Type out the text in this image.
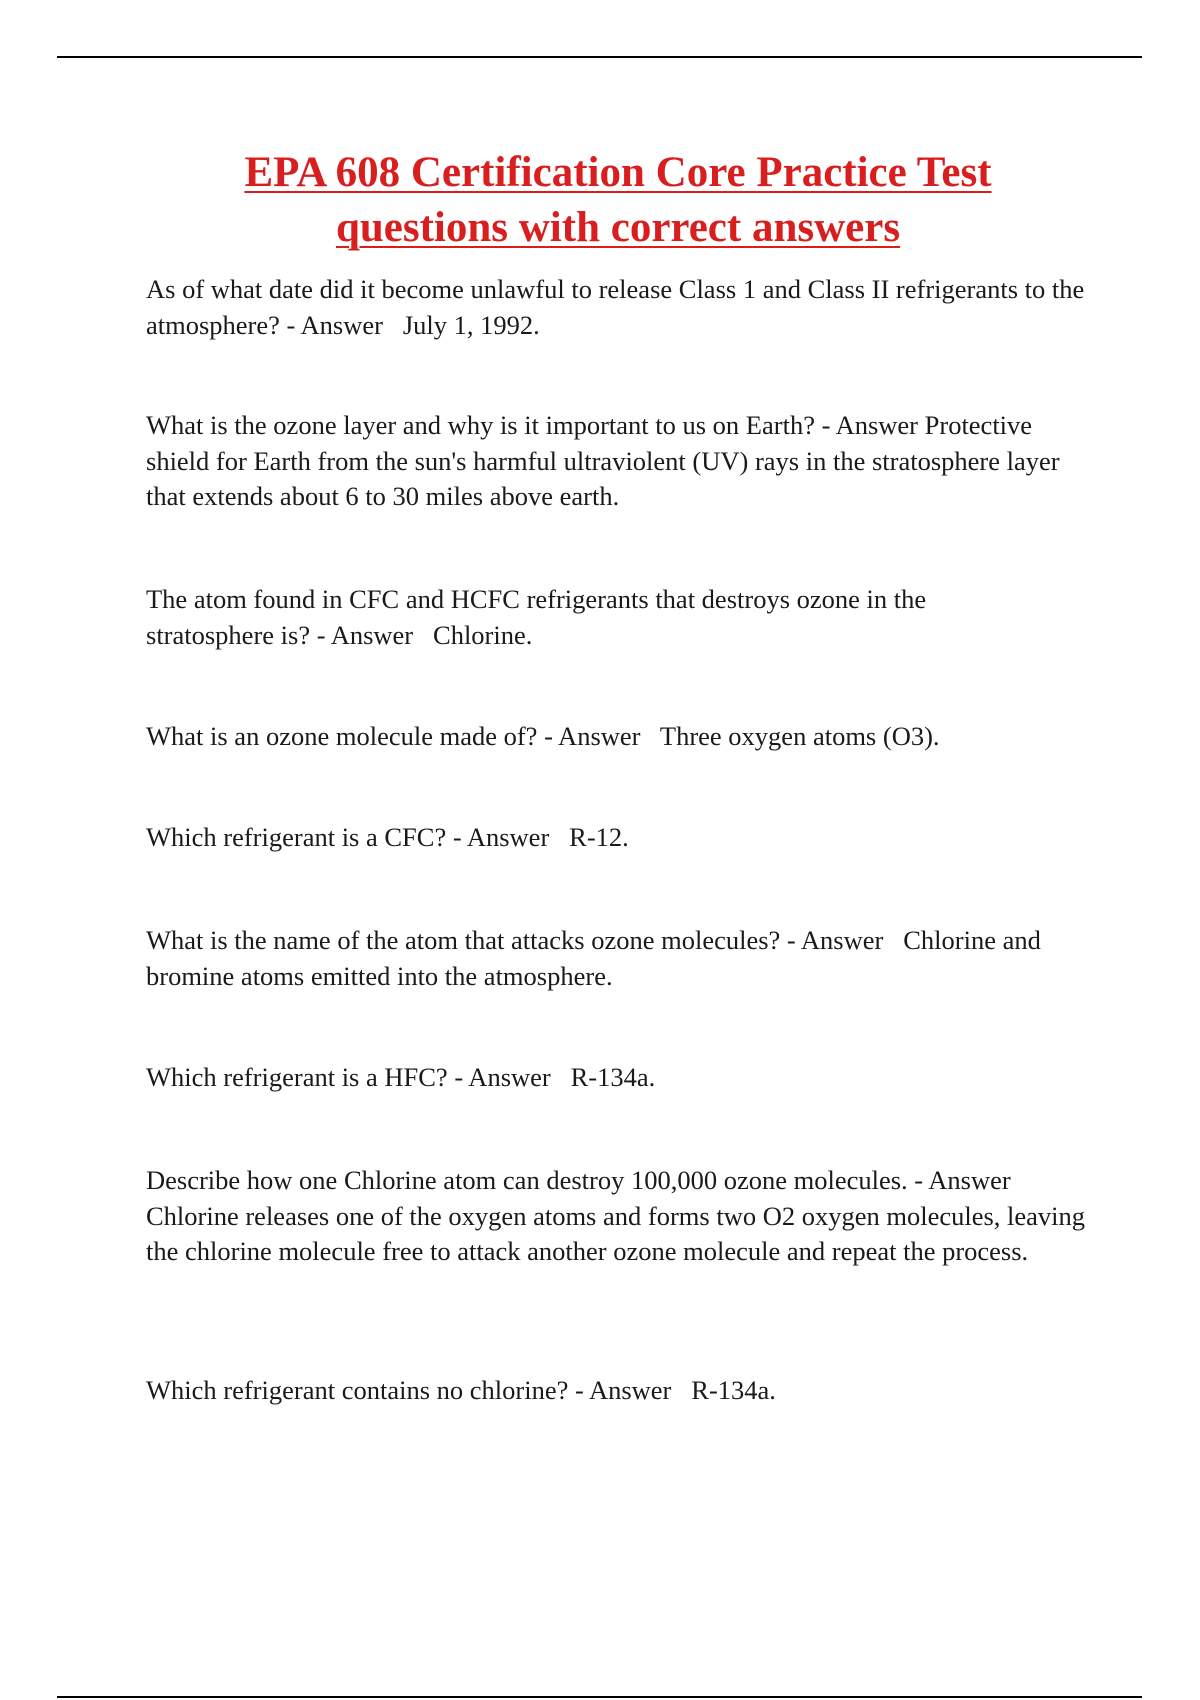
EPA 608 Certification Core Practice Test
questions with correct answers

As of what date did it become unlawful to release Class 1 and Class II refrigerants to the atmosphere? - Answer July 1, 1992.

What is the ozone layer and why is it important to us on Earth? - Answer Protective shield for Earth from the sun's harmful ultraviolent (UV) rays in the stratosphere layer that extends about 6 to 30 miles above earth.

The atom found in CFC and HCFC refrigerants that destroys ozone in the stratosphere is? - Answer Chlorine.

What is an ozone molecule made of? - Answer Three oxygen atoms (O3).

Which refrigerant is a CFC? - Answer R-12.

What is the name of the atom that attacks ozone molecules? - Answer Chlorine and bromine atoms emitted into the atmosphere.

Which refrigerant is a HFC? - Answer R-134a.

Describe how one Chlorine atom can destroy 100,000 ozone molecules. - Answer Chlorine releases one of the oxygen atoms and forms two O2 oxygen molecules, leaving the chlorine molecule free to attack another ozone molecule and repeat the process.

Which refrigerant contains no chlorine? - Answer R-134a.
